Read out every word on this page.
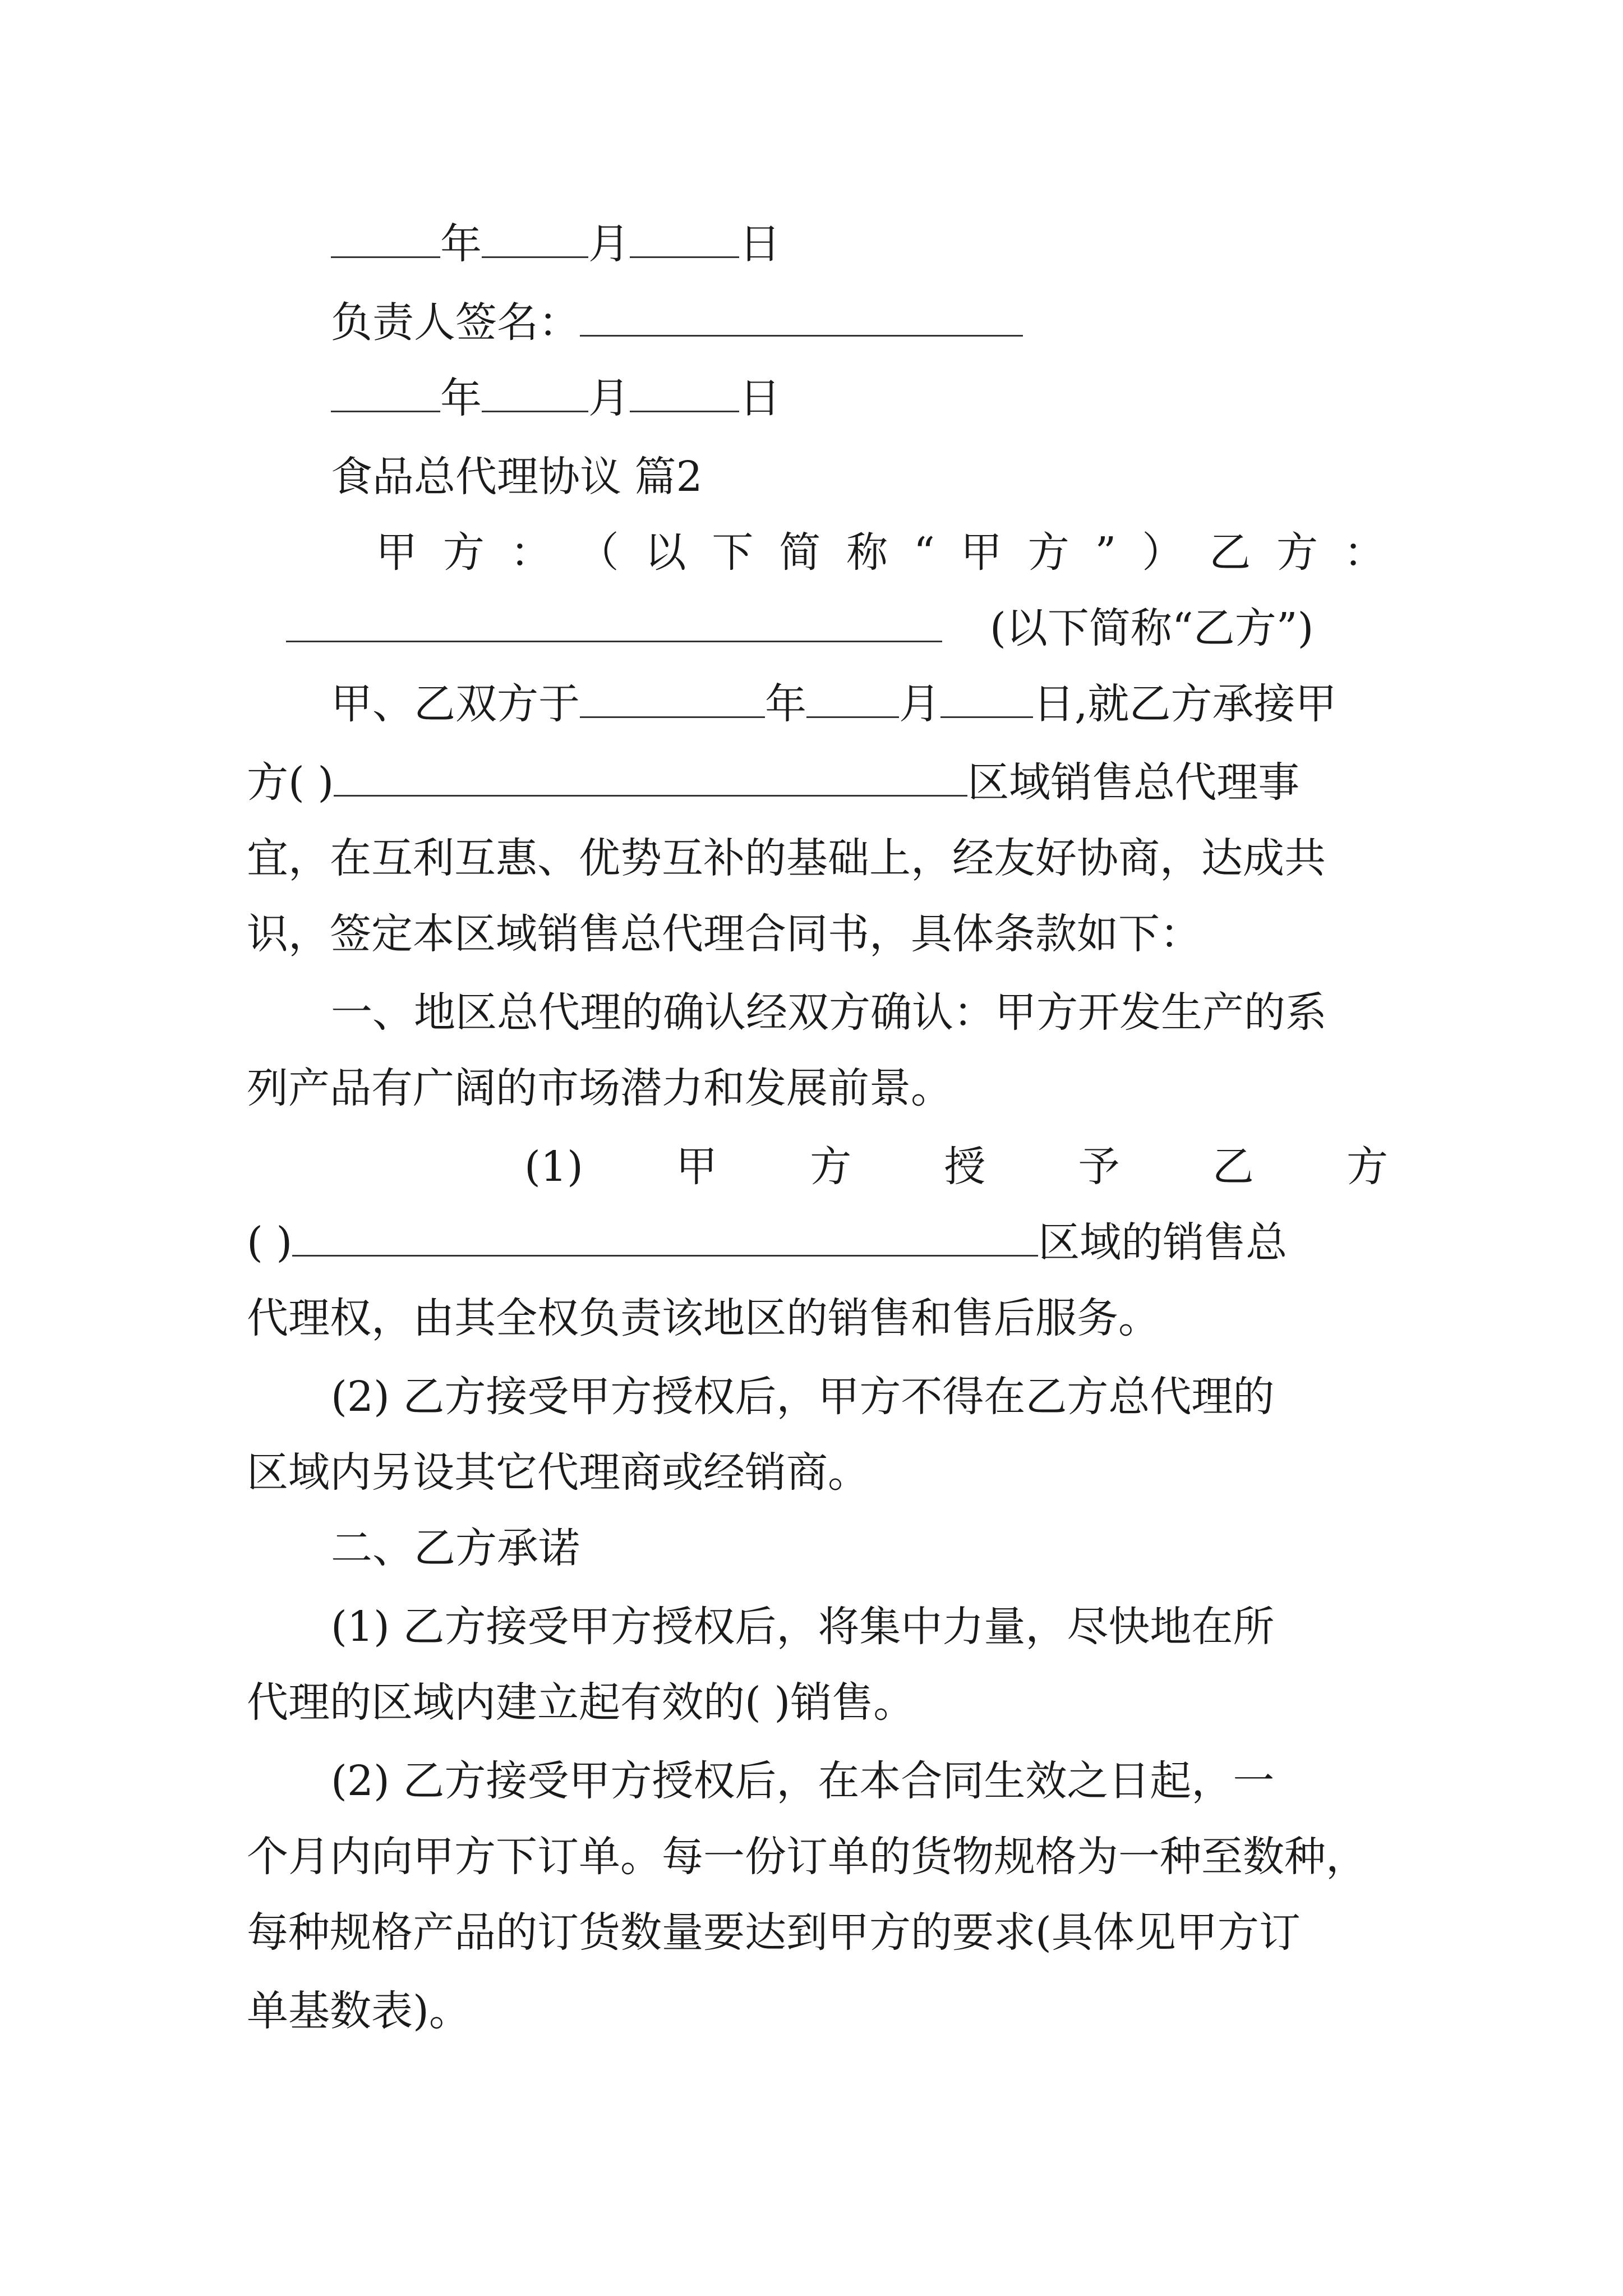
年	月	日
负责人签名：
年	月	日
食品总代理协议 篇2
甲 方 ： （ 以 下 简 称 “ 甲 方 ” ） 乙 方 ：
(以下简称“乙方”)
甲、乙双方于	年 月 日,就乙方承接甲
方( )	区域销售总代理事
宜，在互利互惠、优势互补的基础上，经友好协商，达成共
识，签定本区域销售总代理合同书，具体条款如下：
一、地区总代理的确认经双方确认：甲方开发生产的系
列产品有广阔的市场潜力和发展前景。
(1) 甲 方 授 予 乙 方
( )	区域的销售总
代理权，由其全权负责该地区的销售和售后服务。
(2) 乙方接受甲方授权后，甲方不得在乙方总代理的
区域内另设其它代理商或经销商。
二、乙方承诺
(1) 乙方接受甲方授权后，将集中力量，尽快地在所
代理的区域内建立起有效的( )销售。
(2) 乙方接受甲方授权后，在本合同生效之日起，一
个月内向甲方下订单。每一份订单的货物规格为一种至数种，
每种规格产品的订货数量要达到甲方的要求(具体见甲方订
单基数表)。
